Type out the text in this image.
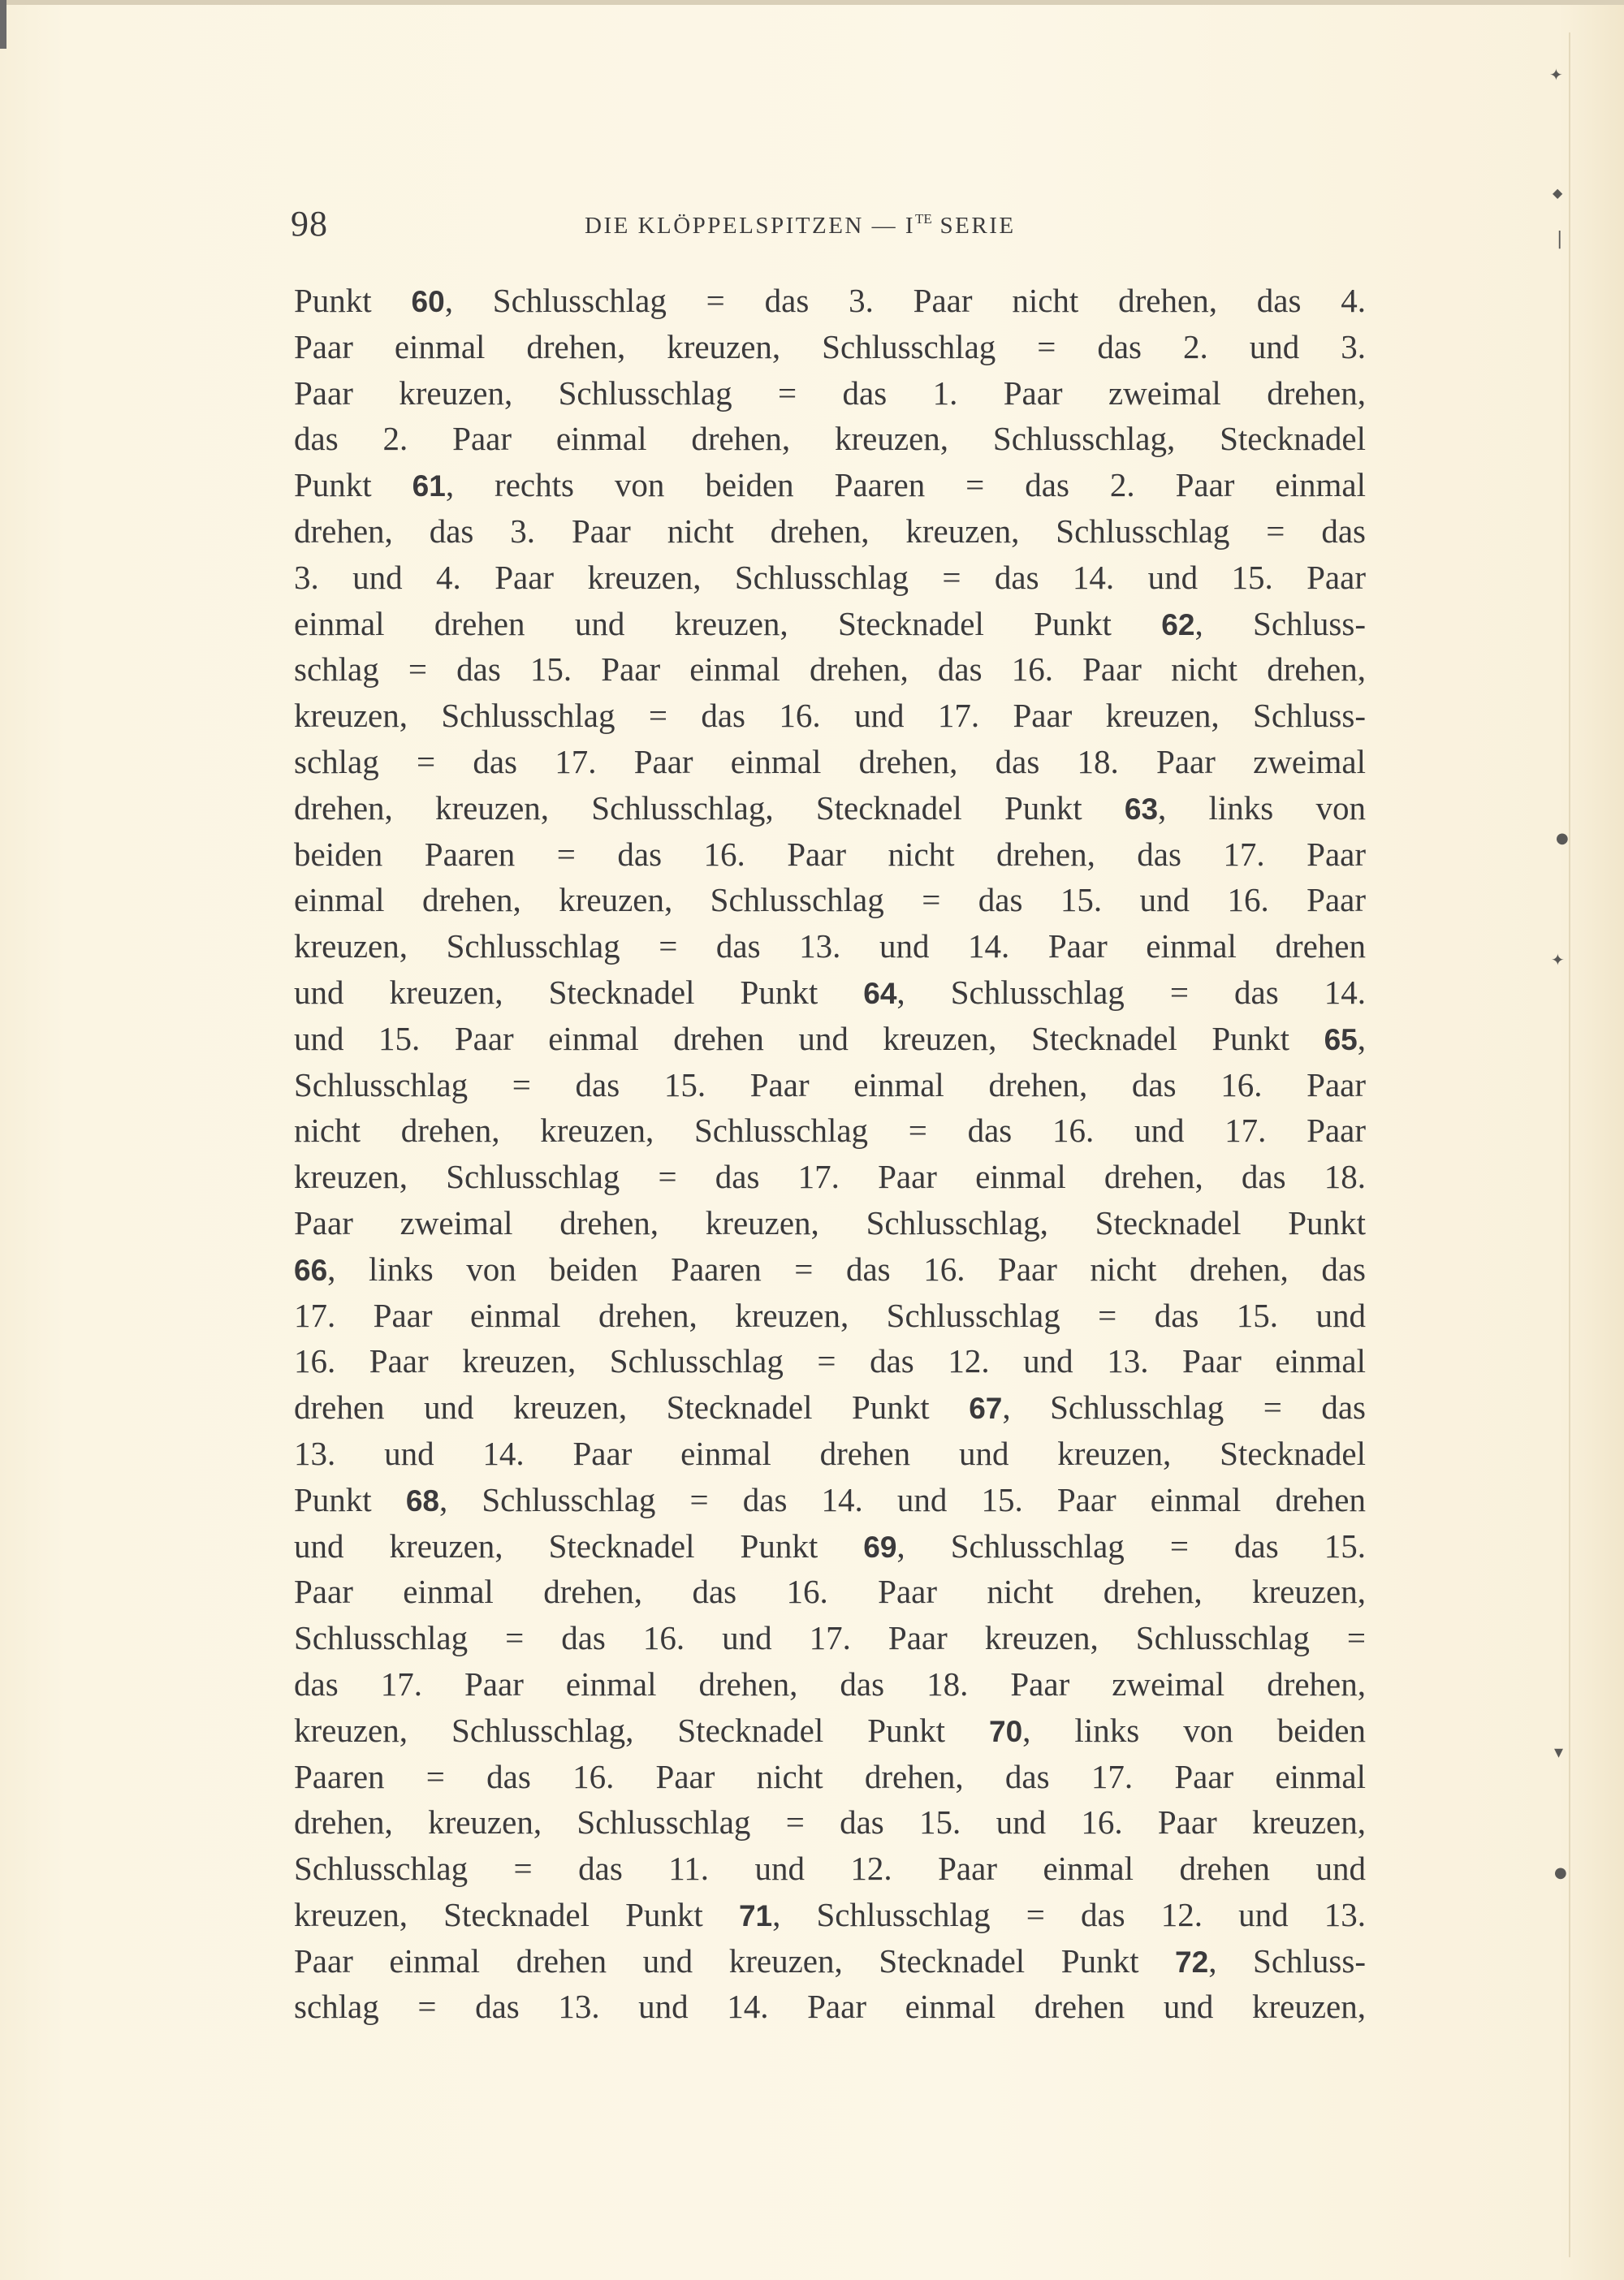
✦
◆
|
●
✦
▾
●
98	DIE KLÖPPELSPITZEN — $I^{TE}$ SERIE
Punkt 60, Schlusschlag = das 3. Paar nicht drehen, das 4.
Paar einmal drehen, kreuzen, Schlusschlag = das 2. und 3.
Paar kreuzen, Schlusschlag = das 1. Paar zweimal drehen,
das 2. Paar einmal drehen, kreuzen, Schlusschlag, Stecknadel
Punkt 61, rechts von beiden Paaren = das 2. Paar einmal
drehen, das 3. Paar nicht drehen, kreuzen, Schlusschlag = das
3. und 4. Paar kreuzen, Schlusschlag = das 14. und 15. Paar
einmal drehen und kreuzen, Stecknadel Punkt 62, Schluss-
schlag = das 15. Paar einmal drehen, das 16. Paar nicht drehen,
kreuzen, Schlusschlag = das 16. und 17. Paar kreuzen, Schluss-
schlag = das 17. Paar einmal drehen, das 18. Paar zweimal
drehen, kreuzen, Schlusschlag, Stecknadel Punkt 63, links von
beiden Paaren = das 16. Paar nicht drehen, das 17. Paar
einmal drehen, kreuzen, Schlusschlag = das 15. und 16. Paar
kreuzen, Schlusschlag = das 13. und 14. Paar einmal drehen
und kreuzen, Stecknadel Punkt 64, Schlusschlag = das 14.
und 15. Paar einmal drehen und kreuzen, Stecknadel Punkt 65,
Schlusschlag = das 15. Paar einmal drehen, das 16. Paar
nicht drehen, kreuzen, Schlusschlag = das 16. und 17. Paar
kreuzen, Schlusschlag = das 17. Paar einmal drehen, das 18.
Paar zweimal drehen, kreuzen, Schlusschlag, Stecknadel Punkt
66, links von beiden Paaren = das 16. Paar nicht drehen, das
17. Paar einmal drehen, kreuzen, Schlusschlag = das 15. und
16. Paar kreuzen, Schlusschlag = das 12. und 13. Paar einmal
drehen und kreuzen, Stecknadel Punkt 67, Schlusschlag = das
13. und 14. Paar einmal drehen und kreuzen, Stecknadel
Punkt 68, Schlusschlag = das 14. und 15. Paar einmal drehen
und kreuzen, Stecknadel Punkt 69, Schlusschlag = das 15.
Paar einmal drehen, das 16. Paar nicht drehen, kreuzen,
Schlusschlag = das 16. und 17. Paar kreuzen, Schlusschlag =
das 17. Paar einmal drehen, das 18. Paar zweimal drehen,
kreuzen, Schlusschlag, Stecknadel Punkt 70, links von beiden
Paaren = das 16. Paar nicht drehen, das 17. Paar einmal
drehen, kreuzen, Schlusschlag = das 15. und 16. Paar kreuzen,
Schlusschlag = das 11. und 12. Paar einmal drehen und
kreuzen, Stecknadel Punkt 71, Schlusschlag = das 12. und 13.
Paar einmal drehen und kreuzen, Stecknadel Punkt 72, Schluss-
schlag = das 13. und 14. Paar einmal drehen und kreuzen,
